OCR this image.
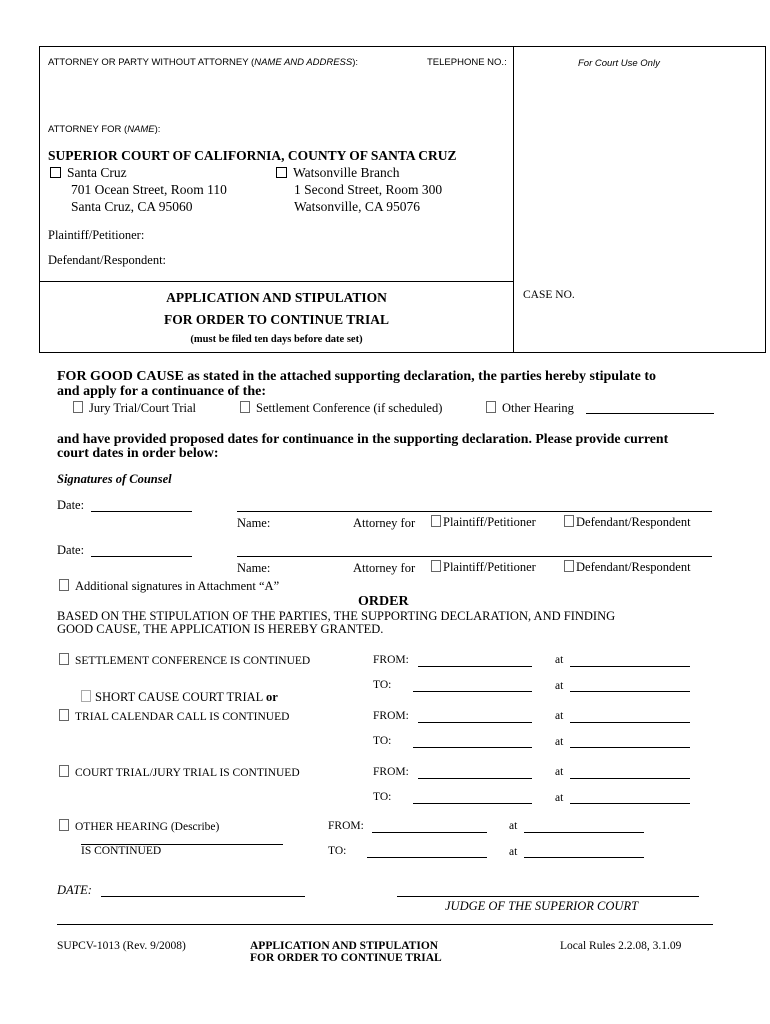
ATTORNEY OR PARTY WITHOUT ATTORNEY (NAME AND ADDRESS):	TELEPHONE NO.:	For Court Use Only
ATTORNEY FOR (NAME):
SUPERIOR COURT OF CALIFORNIA, COUNTY OF SANTA CRUZ
Santa Cruz
701 Ocean Street, Room 110
Santa Cruz, CA 95060
Watsonville Branch
1 Second Street, Room 300
Watsonville, CA 95076
Plaintiff/Petitioner:
Defendant/Respondent:
APPLICATION AND STIPULATION
FOR ORDER TO CONTINUE TRIAL
(must be filed ten days before date set)
CASE NO.
FOR GOOD CAUSE as stated in the attached supporting declaration, the parties hereby stipulate to
and apply for a continuance of the:
Jury Trial/Court Trial	Settlement Conference (if scheduled)	Other Hearing
and have provided proposed dates for continuance in the supporting declaration. Please provide current
court dates in order below:
Signatures of Counsel
Date:
Name:	Attorney for	Plaintiff/Petitioner	Defendant/Respondent
Date:
Name:	Attorney for	Plaintiff/Petitioner	Defendant/Respondent
Additional signatures in Attachment “A”
ORDER
BASED ON THE STIPULATION OF THE PARTIES, THE SUPPORTING DECLARATION, AND FINDING
GOOD CAUSE, THE APPLICATION IS HEREBY GRANTED.
SETTLEMENT CONFERENCE IS CONTINUED	FROM:	at
TO:	at
SHORT CAUSE COURT TRIAL or
TRIAL CALENDAR CALL IS CONTINUED	FROM:	at
TO:	at
COURT TRIAL/JURY TRIAL IS CONTINUED	FROM:	at
TO:	at
OTHER HEARING (Describe)
IS CONTINUED
FROM:	at
TO:	at
DATE:
JUDGE OF THE SUPERIOR COURT
SUPCV-1013 (Rev. 9/2008)	APPLICATION AND STIPULATION
FOR ORDER TO CONTINUE TRIAL
Local Rules 2.2.08, 3.1.09
